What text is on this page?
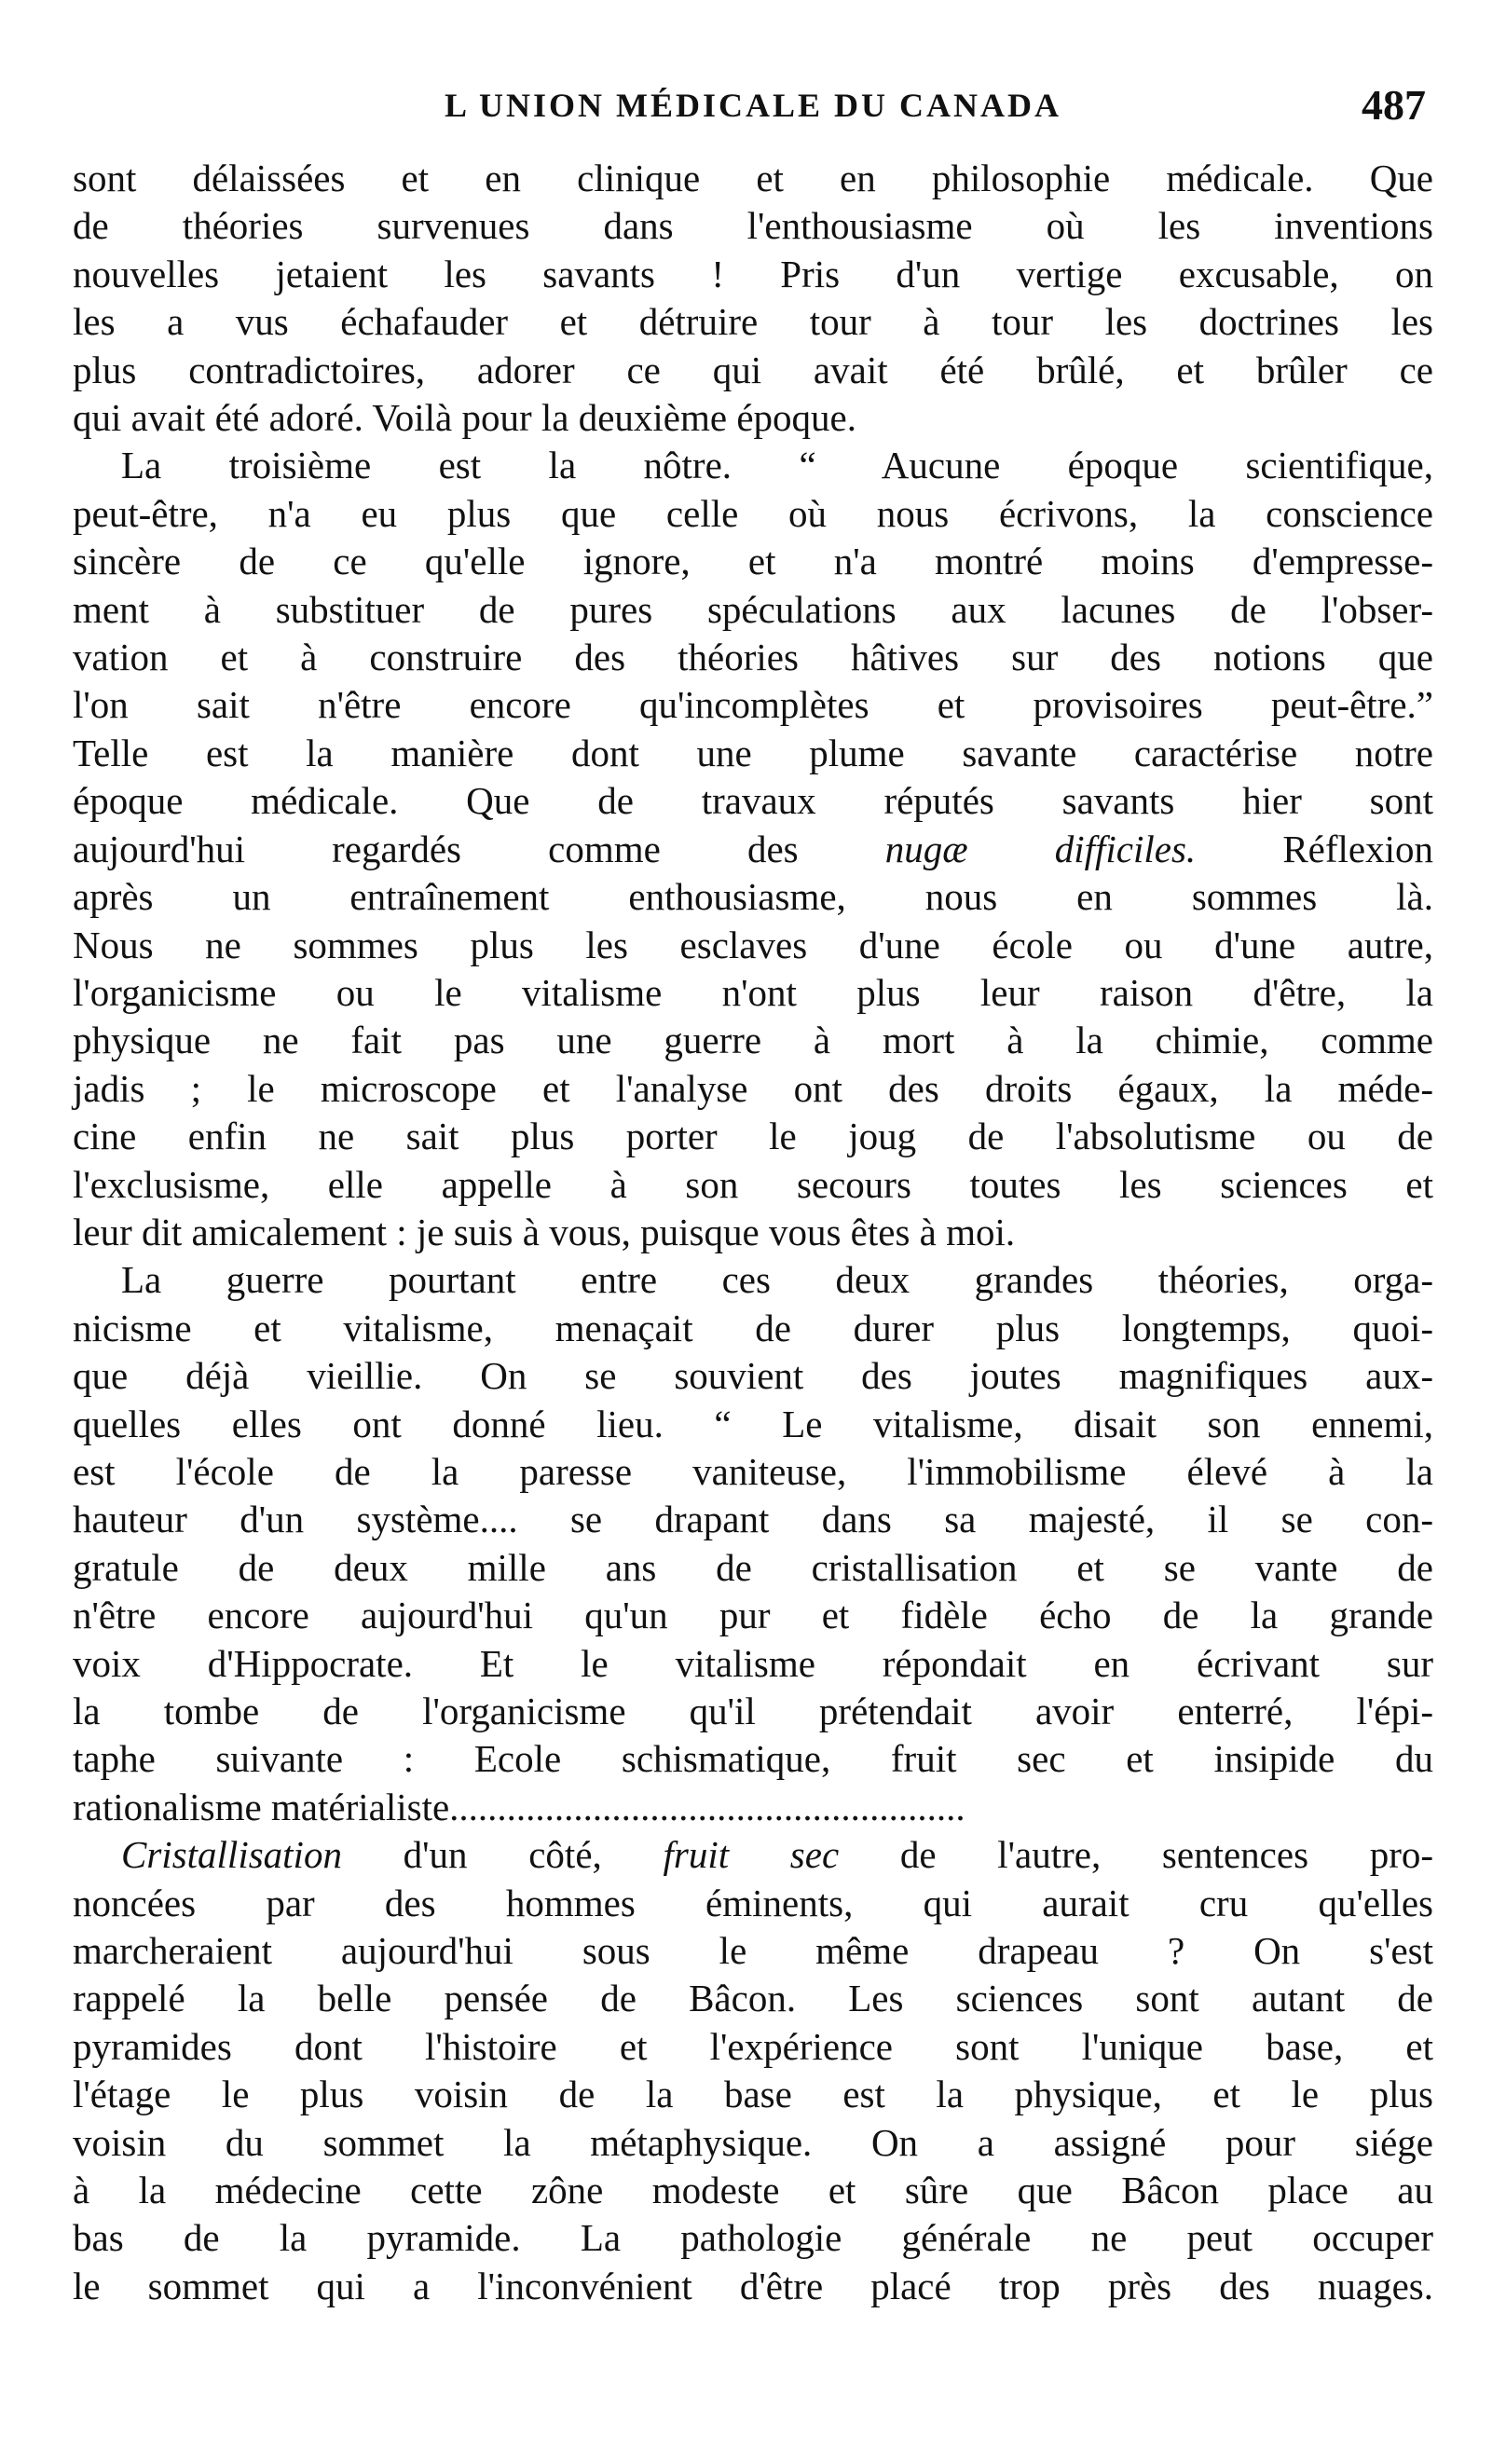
L UNION MÉDICALE DU CANADA	487
sont délaissées et en clinique et en philosophie médicale. Que
de théories survenues dans l'enthousiasme où les inventions
nouvelles jetaient les savants ! Pris d'un vertige excusable, on
les a vus échafauder et détruire tour à tour les doctrines les
plus contradictoires, adorer ce qui avait été brûlé, et brûler ce
qui avait été adoré. Voilà pour la deuxième époque.
La troisième est la nôtre. “ Aucune époque scientifique,
peut-être, n'a eu plus que celle où nous écrivons, la conscience
sincère de ce qu'elle ignore, et n'a montré moins d'empresse-
ment à substituer de pures spéculations aux lacunes de l'obser-
vation et à construire des théories hâtives sur des notions que
l'on sait n'être encore qu'incomplètes et provisoires peut-être.”
Telle est la manière dont une plume savante caractérise notre
époque médicale. Que de travaux réputés savants hier sont
aujourd'hui regardés comme des nugæ difficiles. Réflexion
après un entraînement enthousiasme, nous en sommes là.
Nous ne sommes plus les esclaves d'une école ou d'une autre,
l'organicisme ou le vitalisme n'ont plus leur raison d'être, la
physique ne fait pas une guerre à mort à la chimie, comme
jadis ; le microscope et l'analyse ont des droits égaux, la méde-
cine enfin ne sait plus porter le joug de l'absolutisme ou de
l'exclusisme, elle appelle à son secours toutes les sciences et
leur dit amicalement : je suis à vous, puisque vous êtes à moi.
La guerre pourtant entre ces deux grandes théories, orga-
nicisme et vitalisme, menaçait de durer plus longtemps, quoi-
que déjà vieillie. On se souvient des joutes magnifiques aux-
quelles elles ont donné lieu. “ Le vitalisme, disait son ennemi,
est l'école de la paresse vaniteuse, l'immobilisme élevé à la
hauteur d'un système.... se drapant dans sa majesté, il se con-
gratule de deux mille ans de cristallisation et se vante de
n'être encore aujourd'hui qu'un pur et fidèle écho de la grande
voix d'Hippocrate. Et le vitalisme répondait en écrivant sur
la tombe de l'organicisme qu'il prétendait avoir enterré, l'épi-
taphe suivante : Ecole schismatique, fruit sec et insipide du
rationalisme matérialiste......................................................
Cristallisation d'un côté, fruit sec de l'autre, sentences pro-
noncées par des hommes éminents, qui aurait cru qu'elles
marcheraient aujourd'hui sous le même drapeau ? On s'est
rappelé la belle pensée de Bâcon. Les sciences sont autant de
pyramides dont l'histoire et l'expérience sont l'unique base, et
l'étage le plus voisin de la base est la physique, et le plus
voisin du sommet la métaphysique. On a assigné pour siége
à la médecine cette zône modeste et sûre que Bâcon place au
bas de la pyramide. La pathologie générale ne peut occuper
le sommet qui a l'inconvénient d'être placé trop près des nuages.
